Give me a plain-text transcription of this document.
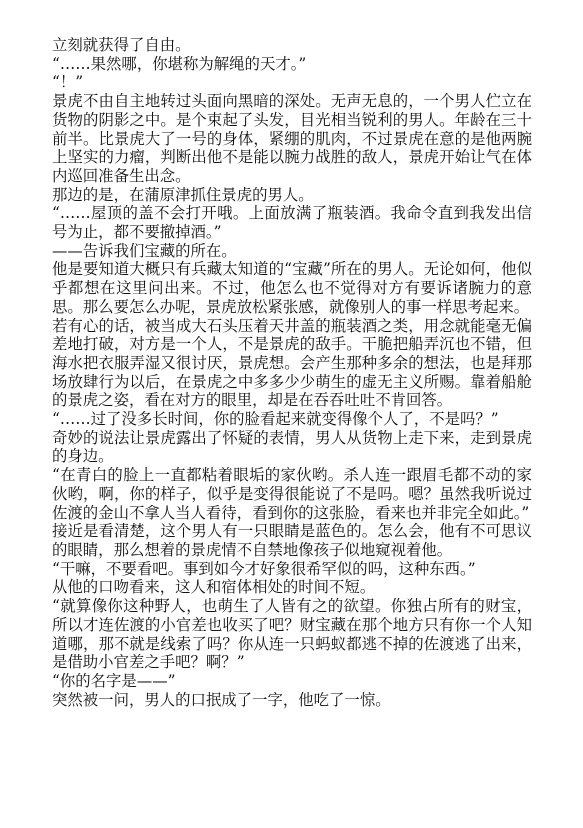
立刻就获得了自由。

“……果然哪，你堪称为解绳的天才。”

“！”

景虎不由自主地转过头面向黑暗的深处。无声无息的，一个男人伫立在货物的阴影之中。是个束起了头发，目光相当锐利的男人。年龄在三十前半。比景虎大了一号的身体，紧绷的肌肉，不过景虎在意的是他两腕上坚实的力瘤，判断出他不是能以腕力战胜的敌人，景虎开始让气在体内巡回准备生出念。

那边的是，在蒲原津抓住景虎的男人。

“……屋顶的盖不会打开哦。上面放满了瓶装酒。我命令直到我发出信号为止，都不要撤掉酒。”

——告诉我们宝藏的所在。

他是要知道大概只有兵藏太知道的“宝藏”所在的男人。无论如何，他似乎都想在这里问出来。不过，他怎么也不觉得对方有要诉诸腕力的意思。那么要怎么办呢，景虎放松紧张感，就像别人的事一样思考起来。

若有心的话，被当成大石头压着天井盖的瓶装酒之类，用念就能毫无偏差地打破，对方是一个人，不是景虎的敌手。干脆把船弄沉也不错，但海水把衣服弄湿又很讨厌，景虎想。会产生那种多余的想法，也是拜那场放肆行为以后，在景虎之中多多少少萌生的虚无主义所赐。靠着船舱的景虎之姿，看在对方的眼里，却是在吞吞吐吐不肯回答。

“……过了没多长时间，你的脸看起来就变得像个人了，不是吗？”

奇妙的说法让景虎露出了怀疑的表情，男人从货物上走下来，走到景虎的身边。

“在青白的脸上一直都粘着眼垢的家伙哟。杀人连一跟眉毛都不动的家伙哟，啊，你的样子，似乎是变得很能说了不是吗。嗯？虽然我听说过佐渡的金山不拿人当人看待，看到你的这张脸，看来也并非完全如此。”

接近是看清楚，这个男人有一只眼睛是蓝色的。怎么会，他有不可思议的眼睛，那么想着的景虎情不自禁地像孩子似地窥视着他。

“干嘛，不要看吧。事到如今才好象很希罕似的吗，这种东西。”

从他的口吻看来，这人和宿体相处的时间不短。

“就算像你这种野人，也萌生了人皆有之的欲望。你独占所有的财宝，所以才连佐渡的小官差也收买了吧？财宝藏在那个地方只有你一个人知道哪，那不就是线索了吗？你从连一只蚂蚁都逃不掉的佐渡逃了出来，是借助小官差之手吧？啊？”

“你的名字是——”

突然被一问，男人的口抿成了一字，他吃了一惊。
